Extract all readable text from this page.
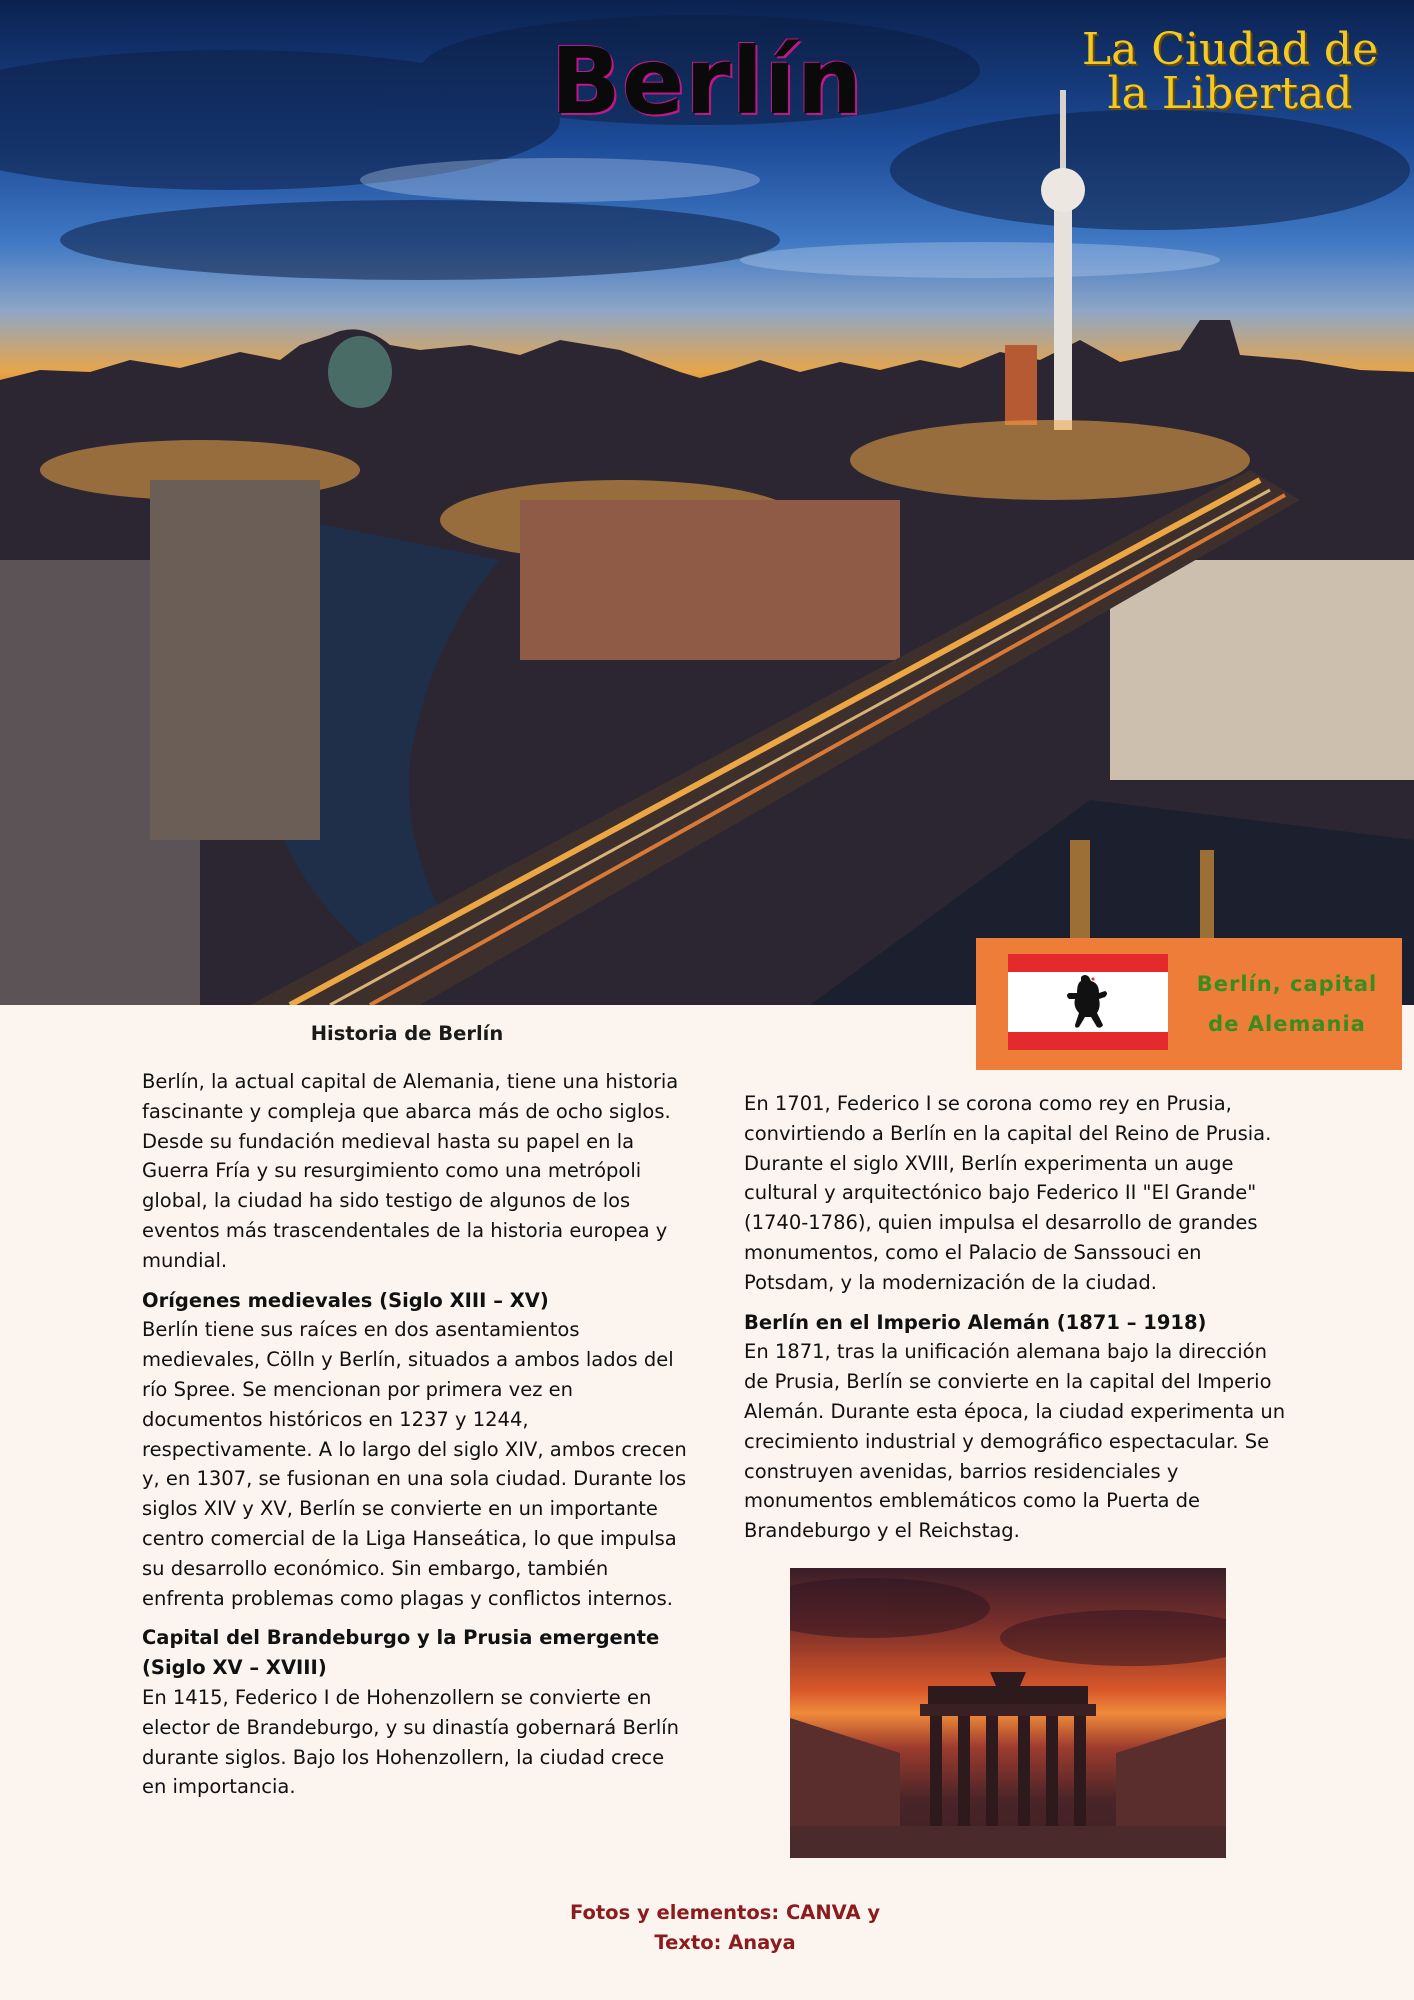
Berlín	La Ciudad de
la Libertad
Berlín, capital
de Alemania
Historia de Berlín

Berlín, la actual capital de Alemania, tiene una historia fascinante y compleja que abarca más de ocho siglos. Desde su fundación medieval hasta su papel en la Guerra Fría y su resurgimiento como una metrópoli global, la ciudad ha sido testigo de algunos de los eventos más trascendentales de la historia europea y mundial.

Orígenes medievales (Siglo XIII – XV)

Berlín tiene sus raíces en dos asentamientos medievales, Cölln y Berlín, situados a ambos lados del río Spree. Se mencionan por primera vez en documentos históricos en 1237 y 1244, respectivamente. A lo largo del siglo XIV, ambos crecen y, en 1307, se fusionan en una sola ciudad. Durante los siglos XIV y XV, Berlín se convierte en un importante centro comercial de la Liga Hanseática, lo que impulsa su desarrollo económico. Sin embargo, también enfrenta problemas como plagas y conflictos internos.

Capital del Brandeburgo y la Prusia emergente (Siglo XV – XVIII)

En 1415, Federico I de Hohenzollern se convierte en elector de Brandeburgo, y su dinastía gobernará Berlín durante siglos. Bajo los Hohenzollern, la ciudad crece en importancia.

En 1701, Federico I se corona como rey en Prusia, convirtiendo a Berlín en la capital del Reino de Prusia. Durante el siglo XVIII, Berlín experimenta un auge cultural y arquitectónico bajo Federico II "El Grande" (1740-1786), quien impulsa el desarrollo de grandes monumentos, como el Palacio de Sanssouci en Potsdam, y la modernización de la ciudad.

Berlín en el Imperio Alemán (1871 – 1918)

En 1871, tras la unificación alemana bajo la dirección de Prusia, Berlín se convierte en la capital del Imperio Alemán. Durante esta época, la ciudad experimenta un crecimiento industrial y demográfico espectacular. Se construyen avenidas, barrios residenciales y monumentos emblemáticos como la Puerta de Brandeburgo y el Reichstag.

Fotos y elementos: CANVA y
Texto: Anaya
